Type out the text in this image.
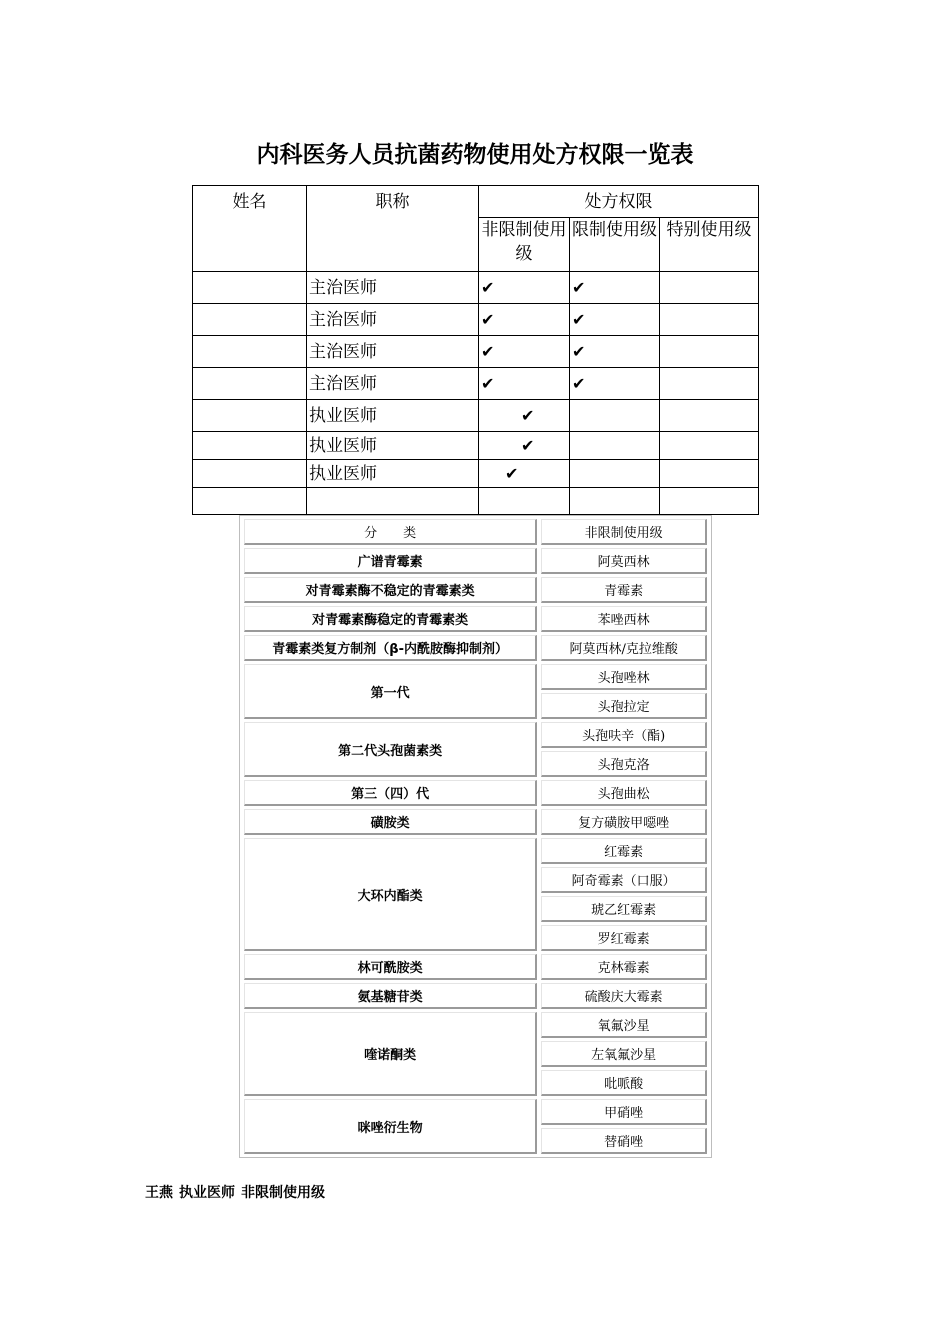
内科医务人员抗菌药物使用处方权限一览表
姓名	职称	处方权限		
		非限制使用级	限制使用级	特别使用级
	主治医师	✔	✔	
	主治医师	✔	✔	
	主治医师	✔	✔	
	主治医师	✔	✔	
	执业医师	✔		
	执业医师	✔		
	执业医师	✔		

分　　类	非限制使用级
广谱青霉素	阿莫西林
对青霉素酶不稳定的青霉素类	青霉素
对青霉素酶稳定的青霉素类	苯唑西林
青霉素类复方制剂（β-内酰胺酶抑制剂）	阿莫西林/克拉维酸
第一代	头孢唑林
	头孢拉定
第二代头孢菌素类	头孢呋辛（酯)
	头孢克洛
第三（四）代	头孢曲松
磺胺类	复方磺胺甲噁唑
大环内酯类	红霉素
	阿奇霉素（口服）
	琥乙红霉素
	罗红霉素
林可酰胺类	克林霉素
氨基糖苷类	硫酸庆大霉素
喹诺酮类	氧氟沙星
	左氧氟沙星
	吡哌酸
咪唑衍生物	甲硝唑
	替硝唑
王燕 执业医师 非限制使用级
